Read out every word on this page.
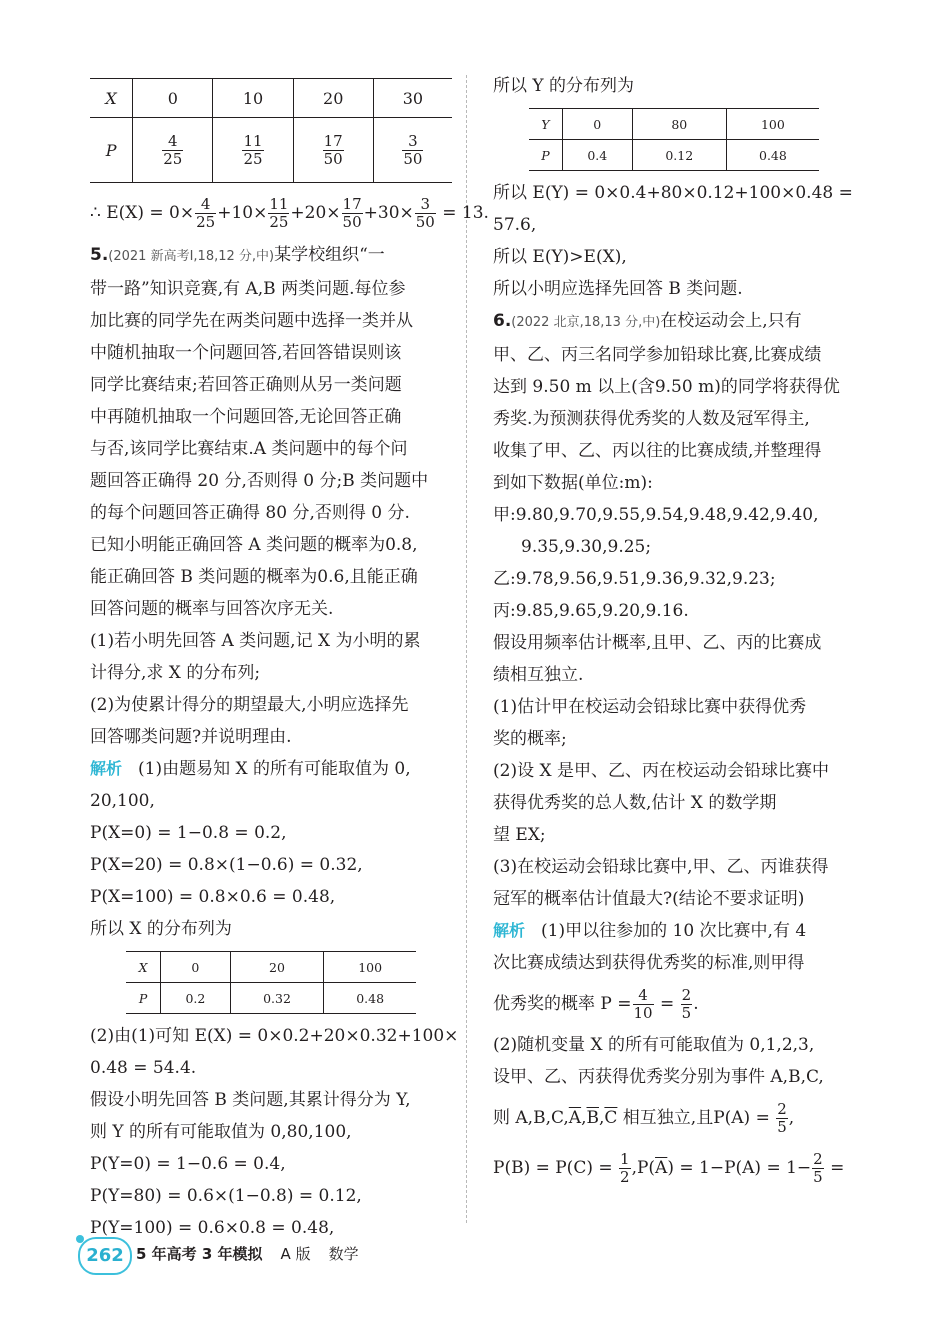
X	0	10	20	30
P	$\frac{4}{25}$	$\frac{11}{25}$	$\frac{17}{50}$	$\frac{3}{50}$
∴ $E(X) = 0\times \frac{4}{25} +10\times \frac{11}{25} +20\times \frac{17}{50} +30\times \frac{3}{50} = 13$.
5.(2021 新高考Ⅰ,18,12 分,中)某学校组织“一
带一路”知识竞赛,有 A,B 两类问题.每位参
加比赛的同学先在两类问题中选择一类并从
中随机抽取一个问题回答,若回答错误则该
同学比赛结束;若回答正确则从另一类问题
中再随机抽取一个问题回答,无论回答正确
与否,该同学比赛结束.A 类问题中的每个问
题回答正确得 20 分,否则得 0 分;B 类问题中
的每个问题回答正确得 80 分,否则得 0 分.
已知小明能正确回答 A 类问题的概率为0.8,
能正确回答 B 类问题的概率为0.6,且能正确
回答问题的概率与回答次序无关.
(1)若小明先回答 A 类问题,记 X 为小明的累
计得分,求 X 的分布列;
(2)为使累计得分的期望最大,小明应选择先
回答哪类问题?并说明理由.
解析 (1)由题易知 X 的所有可能取值为 0,
20,100,
P(X=0) = 1−0.8 = 0.2,
P(X=20) = 0.8×(1−0.6) = 0.32,
P(X=100) = 0.8×0.6 = 0.48,
所以 X 的分布列为
X	0	20	100
P	0.2	0.32	0.48
(2)由(1)可知 E(X) = 0×0.2+20×0.32+100×
0.48 = 54.4.
假设小明先回答 B 类问题,其累计得分为 Y,
则 Y 的所有可能取值为 0,80,100,
P(Y=0) = 1−0.6 = 0.4,
P(Y=80) = 0.6×(1−0.8) = 0.12,
P(Y=100) = 0.6×0.8 = 0.48,
所以 Y 的分布列为
Y	0	80	100
P	0.4	0.12	0.48
所以 E(Y) = 0×0.4+80×0.12+100×0.48 =
57.6,
所以 E(Y)>E(X),
所以小明应选择先回答 B 类问题.
6.(2022 北京,18,13 分,中)在校运动会上,只有
甲、乙、丙三名同学参加铅球比赛,比赛成绩
达到 9.50 m 以上(含9.50 m)的同学将获得优
秀奖.为预测获得优秀奖的人数及冠军得主,
收集了甲、乙、丙以往的比赛成绩,并整理得
到如下数据(单位:m):
甲:9.80,9.70,9.55,9.54,9.48,9.42,9.40,
9.35,9.30,9.25;
乙:9.78,9.56,9.51,9.36,9.32,9.23;
丙:9.85,9.65,9.20,9.16.
假设用频率估计概率,且甲、乙、丙的比赛成
绩相互独立.
(1)估计甲在校运动会铅球比赛中获得优秀
奖的概率;
(2)设 X 是甲、乙、丙在校运动会铅球比赛中
获得优秀奖的总人数,估计 X 的数学期
望 EX;
(3)在校运动会铅球比赛中,甲、乙、丙谁获得
冠军的概率估计值最大?(结论不要求证明)
解析 (1)甲以往参加的 10 次比赛中,有 4
次比赛成绩达到获得优秀奖的标准,则甲得
优秀奖的概率 $P = \frac{4}{10} = \frac{2}{5}$ .
(2)随机变量 X 的所有可能取值为 0,1,2,3,
设甲、乙、丙获得优秀奖分别为事件 A,B,C,
则 $A,B,C,\overline{A},\overline{B},\overline{C}$ 相互独立,且$P(A) = \frac{2}{5}$ ,
$P(B) = P(C) = \frac{1}{2} ,P(\overline{A}) = 1-P(A) = 1- \frac{2}{5}$ =
262 5 年高考 3 年模拟 A 版 数学
